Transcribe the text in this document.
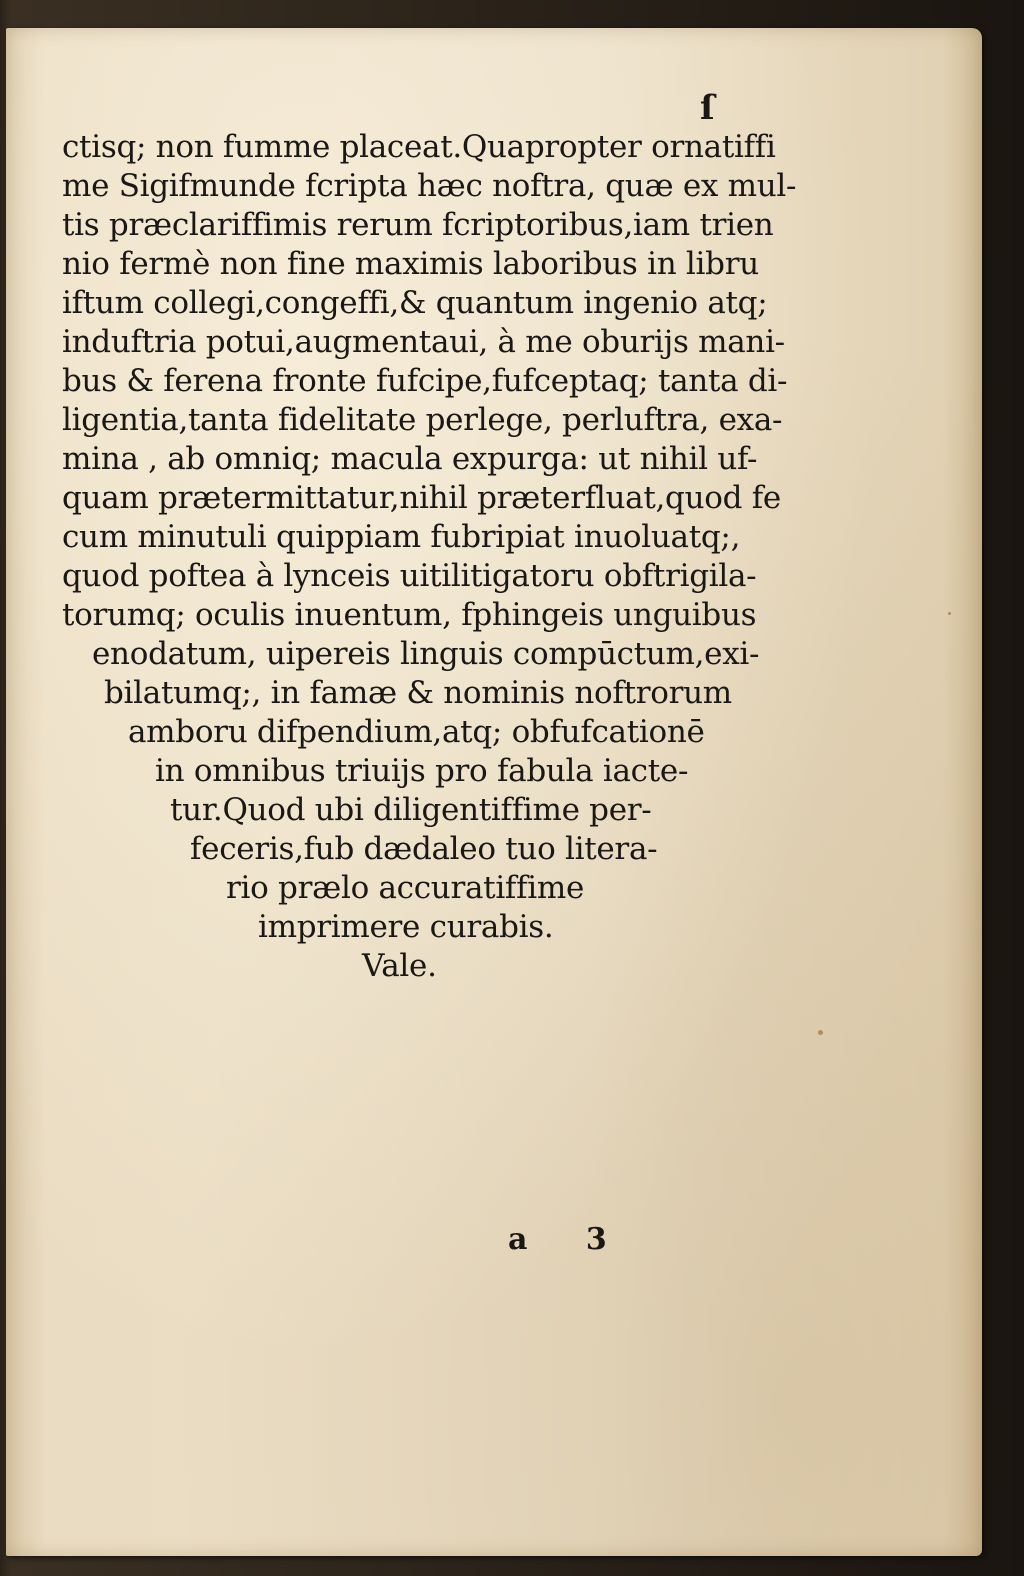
ſ
ctisq; non fumme placeat.Quapropter ornatiffi
me Sigifmunde fcripta hæc noftra, quæ ex mul-
tis præclariffimis rerum fcriptoribus,iam trien
nio fermè non fine maximis laboribus in libru
iftum collegi,congeffi,& quantum ingenio atq;
induftria potui,augmentaui, à me oburijs mani-
bus & ferena fronte fufcipe,fufceptaq; tanta di-
ligentia,tanta fidelitate perlege, perluftra, exa-
mina , ab omniq; macula expurga: ut nihil uf-
quam prætermittatur,nihil præterfluat,quod fe
cum minutuli quippiam fubripiat inuoluatq;,
quod poftea à lynceis uitilitigatoru obftrigila-
torumq; oculis inuentum, fphingeis unguibus
enodatum, uipereis linguis compūctum,exi-
bilatumq;, in famæ & nominis noftrorum
amboru difpendium,atq; obfufcationē
in omnibus triuijs pro fabula iacte-
tur.Quod ubi diligentiffime per-
feceris,fub dædaleo tuo litera-
rio prælo accuratiffime
imprimere curabis.
Vale.
a 3
